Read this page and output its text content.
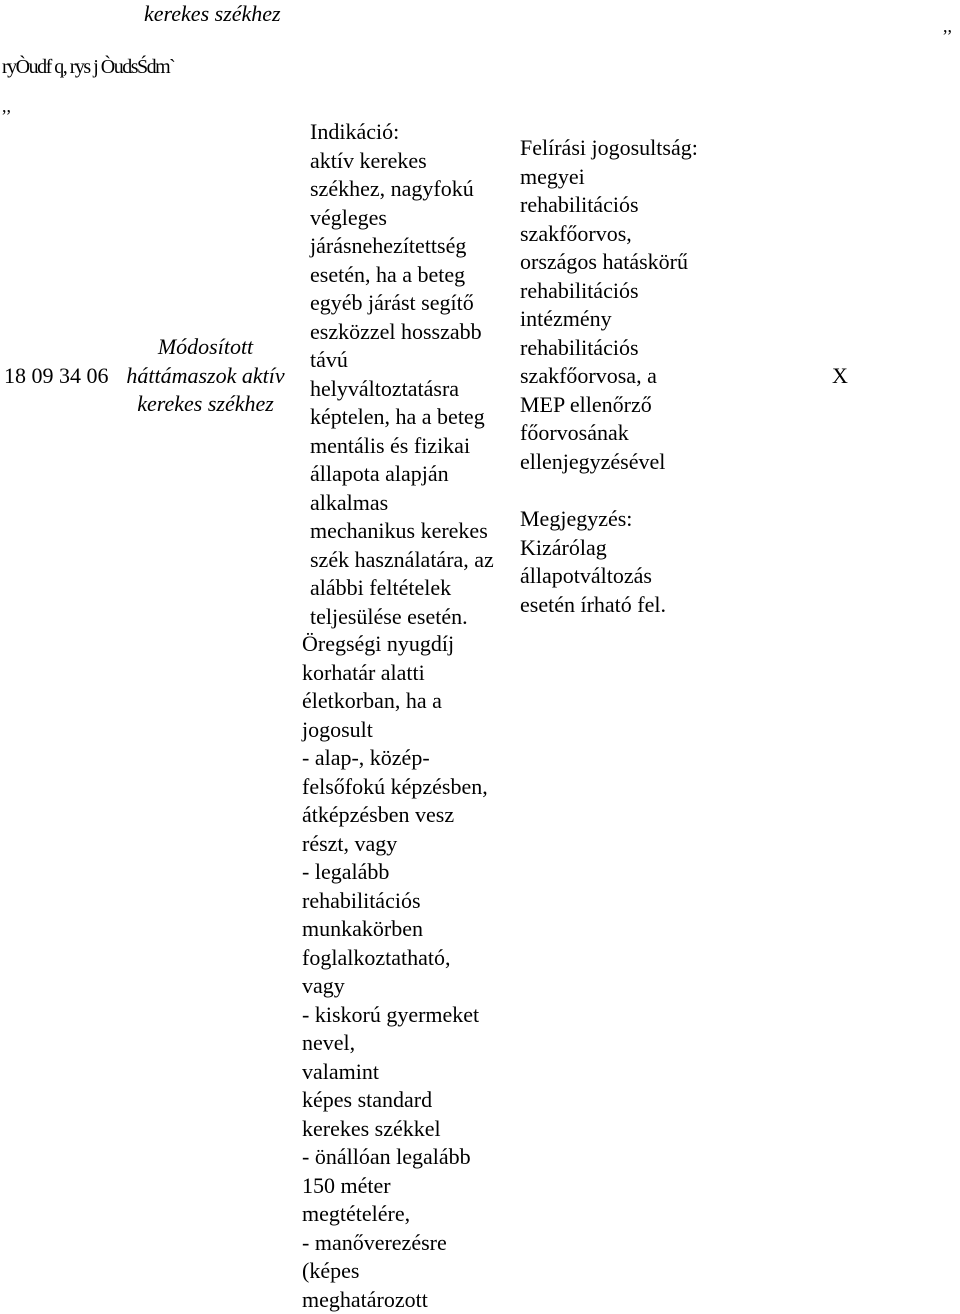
kerekes székhez	,,
ryÒudf q, rys j ÒudsŚdm`
,,
18 09 34 06
Módosított
háttámaszok aktív
kerekes székhez
Indikáció:
aktív kerekes
székhez, nagyfokú
végleges
járásnehezítettség
esetén, ha a beteg
egyéb járást segítő
eszközzel hosszabb
távú
helyváltoztatásra
képtelen, ha a beteg
mentális és fizikai
állapota alapján
alkalmas
mechanikus kerekes
szék használatára, az
alábbi feltételek
teljesülése esetén.
Öregségi nyugdíj
korhatár alatti
életkorban, ha a
jogosult
- alap-, közép-
felsőfokú képzésben,
átképzésben vesz
részt, vagy
- legalább
rehabilitációs
munkakörben
foglalkoztatható,
vagy
- kiskorú gyermeket
nevel,
valamint
képes standard
kerekes székkel
- önállóan legalább
150 méter
megtételére,
- manőverezésre
(képes
meghatározott
Felírási jogosultság:
megyei
rehabilitációs
szakfőorvos,
országos hatáskörű
rehabilitációs
intézmény
rehabilitációs
szakfőorvosa, a
MEP ellenőrző
főorvosának
ellenjegyzésével
Megjegyzés:
Kizárólag
állapotváltozás
esetén írható fel.
X
